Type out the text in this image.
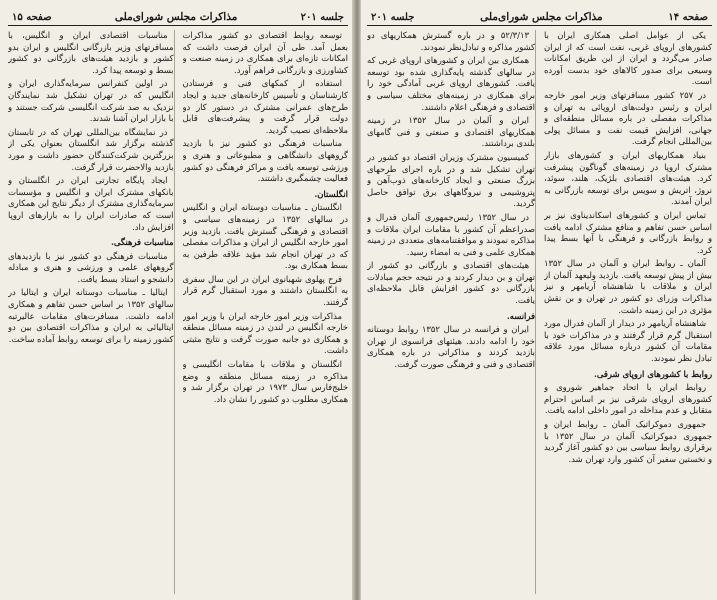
صفحه ۱۵	مذاکرات مجلس شورای‌ملی	جلسه ۲۰۱

توسعه روابط اقتصادی دو کشور مذاکرات بعمل آمد. طی آن ایران فرصت داشت که امکانات تازه‌ای برای همکاری در زمینه صنعت و کشاورزی و بازرگانی فراهم آورد.

استفاده از کمکهای فنی و فرستادن کارشناسان و تأسیس کارخانه‌های جدید و ایجاد طرح‌های عمرانی مشترک در دستور کار دو دولت قرار گرفت و پیشرفت‌های قابل ملاحظه‌ای نصیب گردید.

مناسبات فرهنگی دو کشور نیز با بازدید گروههای دانشگاهی و مطبوعاتی و هنری و ورزشی توسعه یافت و مراکز فرهنگی دو کشور فعالیت چشمگیری داشتند.

انگلستان.

انگلستان ـ مناسبات دوستانه ایران و انگلیس در سالهای ۱۳۵۲ در زمینه‌های سیاسی و اقتصادی و فرهنگی گسترش یافت. بازدید وزیر امور خارجه انگلیس از ایران و مذاکرات مفصلی که در تهران انجام شد مؤید علاقه طرفین به بسط همکاری بود.

فرح پهلوی شهبانوی ایران در این سال سفری به انگلستان داشتند و مورد استقبال گرم قرار گرفتند.

مذاکرات وزیر امور خارجه ایران با وزیر امور خارجه انگلیس در لندن در زمینه مسائل منطقه و همکاری دو جانبه صورت گرفت و نتایج مثبتی داشت.

انگلستان و ملاقات با مقامات انگلیسی و مذاکره در زمینه مسائل منطقه و وضع خلیج‌فارس سال ۱۹۷۳ در تهران برگزار شد و همکاری مطلوب دو کشور را نشان داد.

مناسبات اقتصادی ایران و انگلیس، با مسافرتهای وزیر بازرگانی انگلیس و ایران بدو کشور و بازدید هیئت‌های بازرگانی دو کشور بسط و توسعه پیدا کرد.

در اولین کنفرانس سرمایه‌گذاری ایران و انگلیس که در تهران تشکیل شد نمایندگان نزدیک به صد شرکت انگلیسی شرکت جستند و با بازار ایران آشنا شدند.

در نمایشگاه بین‌المللی تهران که در تابستان گذشته برگزار شد انگلستان بعنوان یکی از بزرگترین شرکت‌کنندگان حضور داشت و مورد بازدید والاحضرت قرار گرفت.

ایجاد پایگاه تجارتی ایران در انگلستان و بانکهای مشترک ایران و انگلیس و مؤسسات سرمایه‌گذاری مشترک از دیگر نتایج این همکاری است که صادرات ایران را به بازارهای اروپا افزایش داد.

مناسبات فرهنگی.

مناسبات فرهنگی دو کشور نیز با بازدیدهای گروههای علمی و ورزشی و هنری و مبادله دانشجو و استاد بسط یافت.

ایتالیا ـ مناسبات دوستانه ایران و ایتالیا در سالهای ۱۳۵۲ بر اساس حسن تفاهم و همکاری ادامه داشت. مسافرت‌های مقامات عالیرتبه ایتالیائی به ایران و مذاکرات اقتصادی بین دو کشور زمینه را برای توسعه روابط آماده ساخت.

جلسه ۲۰۱	مذاکرات مجلس شورای‌ملی	صفحه ۱۴

یکی از عوامل اصلی همکاری ایران با کشورهای اروپای غربی، نفت است که از ایران صادر می‌گردد و ایران از این طریق امکانات وسیعی برای صدور کالاهای خود بدست آورده است.

در ۲۵۷ کشور مسافرتهای وزیر امور خارجه ایران و رئیس دولت‌های اروپائی به تهران و مذاکرات مفصلی در باره مسائل منطقه‌ای و جهانی، افزایش قیمت نفت و مسائل پولی بین‌المللی انجام گرفت.

بنیاد همکاریهای ایران و کشورهای بازار مشترک اروپا در زمینه‌های گوناگون پیشرفت کرد. هیئت‌های اقتصادی بلژیک، هلند، سوئد، نروژ، اتریش و سویس برای توسعه بازرگانی به ایران آمدند.

تماس ایران و کشورهای اسکاندیناوی نیز بر اساس حسن تفاهم و منافع مشترک ادامه یافت و روابط بازرگانی و فرهنگی با آنها بسط پیدا کرد.

آلمان ـ روابط ایران و آلمان در سال ۱۳۵۲ بیش از پیش توسعه یافت. بازدید ولیعهد آلمان از ایران و ملاقات با شاهنشاه آریامهر و نیز مذاکرات وزرای دو کشور در تهران و بن نقش مؤثری در این زمینه داشت.

شاهنشاه آریامهر در دیدار از آلمان فدرال مورد استقبال گرم قرار گرفتند و در مذاکرات خود با مقامات آن کشور درباره مسائل مورد علاقه تبادل نظر نمودند.

روابط با کشورهای اروپای شرقی.

روابط ایران با اتحاد جماهیر شوروی و کشورهای اروپای شرقی نیز بر اساس احترام متقابل و عدم مداخله در امور داخلی ادامه یافت.

جمهوری دموکراتیک آلمان ـ روابط ایران و جمهوری دموکراتیک آلمان در سال ۱۳۵۲ با برقراری روابط سیاسی بین دو کشور آغاز گردید و نخستین سفیر آن کشور وارد تهران شد.

۵۲/۳/۱۳ و در باره گسترش همکاریهای دو کشور مذاکره و تبادل‌نظر نمودند.

همکاری بین ایران و کشورهای اروپای غربی که در سالهای گذشته پایه‌گذاری شده بود توسعه یافت. کشورهای اروپای غربی آمادگی خود را برای همکاری در زمینه‌های مختلف سیاسی و اقتصادی و فرهنگی اعلام داشتند.

ایران و آلمان در سال ۱۳۵۲ در زمینه همکاریهای اقتصادی و صنعتی و فنی گامهای بلندی برداشتند.

کمیسیون مشترک وزیران اقتصاد دو کشور در تهران تشکیل شد و در باره اجرای طرحهای بزرگ صنعتی و ایجاد کارخانه‌های ذوب‌آهن و پتروشیمی و نیروگاههای برق توافق حاصل گردید.

در سال ۱۳۵۲ رئیس‌جمهوری آلمان فدرال و صدراعظم آن کشور با مقامات ایران ملاقات و مذاکره نمودند و موافقتنامه‌های متعددی در زمینه همکاری علمی و فنی به امضاء رسید.

هیئت‌های اقتصادی و بازرگانی دو کشور از تهران و بن دیدار کردند و در نتیجه حجم مبادلات بازرگانی دو کشور افزایش قابل ملاحظه‌ای یافت.

فرانسه.

ایران و فرانسه در سال ۱۳۵۲ روابط دوستانه خود را ادامه دادند. هیئتهای فرانسوی از تهران بازدید کردند و مذاکراتی در باره همکاری اقتصادی و فنی و فرهنگی صورت گرفت.
